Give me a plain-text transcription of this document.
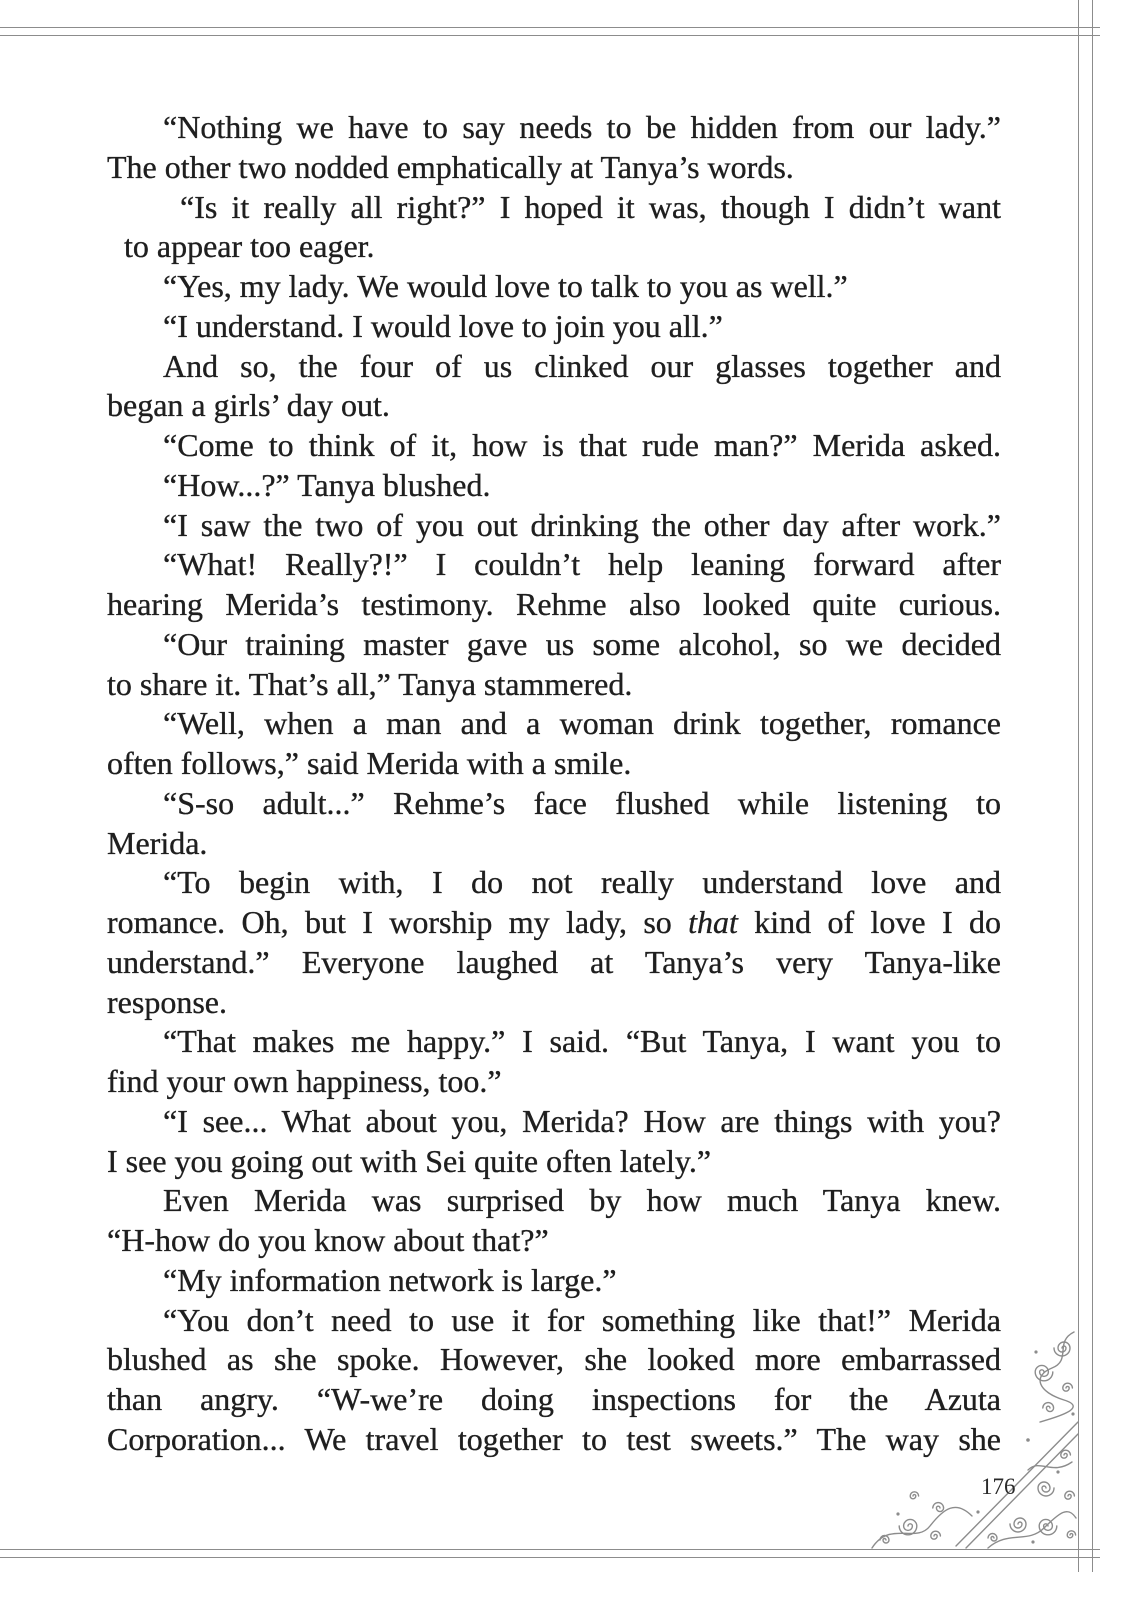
“Nothing we have to say needs to be hidden from our lady.”
The other two nodded emphatically at Tanya’s words.
“Is it really all right?” I hoped it was, though I didn’t want
to appear too eager.
“Yes, my lady. We would love to talk to you as well.”
“I understand. I would love to join you all.”
And so, the four of us clinked our glasses together and
began a girls’ day out.
“Come to think of it, how is that rude man?” Merida asked.
“How...?” Tanya blushed.
“I saw the two of you out drinking the other day after work.”
“What! Really?!” I couldn’t help leaning forward after
hearing Merida’s testimony. Rehme also looked quite curious.
“Our training master gave us some alcohol, so we decided
to share it. That’s all,” Tanya stammered.
“Well, when a man and a woman drink together, romance
often follows,” said Merida with a smile.
“S-so adult...” Rehme’s face flushed while listening to
Merida.
“To begin with, I do not really understand love and
romance. Oh, but I worship my lady, so that kind of love I do
understand.” Everyone laughed at Tanya’s very Tanya-like
response.
“That makes me happy.” I said. “But Tanya, I want you to
find your own happiness, too.”
“I see... What about you, Merida? How are things with you?
I see you going out with Sei quite often lately.”
Even Merida was surprised by how much Tanya knew.
“H-how do you know about that?”
“My information network is large.”
“You don’t need to use it for something like that!” Merida
blushed as she spoke. However, she looked more embarrassed
than angry. “W-we’re doing inspections for the Azuta
Corporation... We travel together to test sweets.” The way she
176
